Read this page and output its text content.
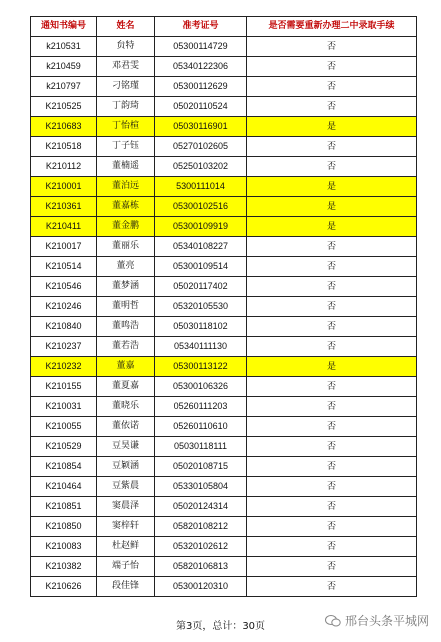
通知书编号	姓名	准考证号	是否需要重新办理二中录取手续
k210531	贠特	05300114729	否
k210459	邓君雯	05340122306	否
k210797	刁铭瑾	05300112629	否
K210525	丁韵琦	05020110524	否
K210683	丁怡楦	05030116901	是
K210518	丁子钰	05270102605	否
K210112	董楠遥	05250103202	否
K210001	董泊远	5300111014	是
K210361	董嘉栋	05300102516	是
K210411	董金鹏	05300109919	是
K210017	董丽乐	05340108227	否
K210514	董亮	05300109514	否
K210546	董梦涵	05020117402	否
K210246	董明哲	05320105530	否
K210840	董鸣浩	05030118102	否
K210237	董若浩	05340111130	否
K210232	董嘉	05300113122	是
K210155	董夏嘉	05300106326	否
K210031	董晓乐	05260111203	否
K210055	董依诺	05260110610	否
K210529	豆昊谦	05030118111	否
K210854	豆颖涵	05020108715	否
K210464	豆紫晨	05330105804	否
K210851	窦晨泽	05020124314	否
K210850	窦梓轩	05820108212	否
K210083	杜赵鲜	05320102612	否
K210382	端子怡	05820106813	否
K210626	段佳锋	05300120310	否
第3页，总计：30页	邢台头条平城网
